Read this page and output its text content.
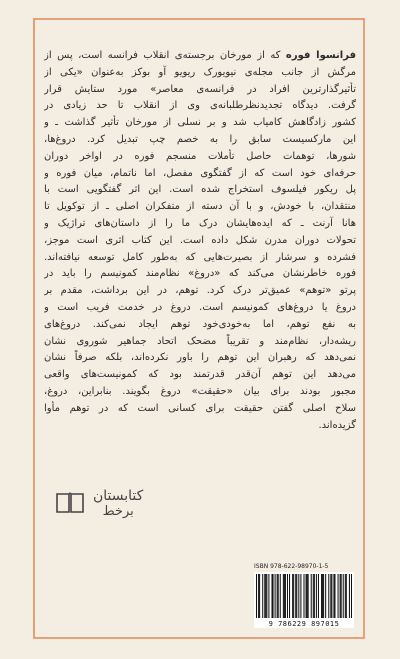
فرانسوا فوره که از مورخان برجسته‌ی انقلاب فرانسه است، پس از
مرگش از جانب مجله‌ی نیویورک ریویو آو بوکز به‌عنوان «یکی از
تأثیرگذارترین افراد در فرانسه‌ی معاصر» مورد ستایش قرار
گرفت. دیدگاه تجدیدنظرطلبانه‌ی وی از انقلاب تا حد زیادی در
کشور زادگاهش کامیاب شد و بر نسلی از مورخان تأثیر گذاشت ـ و
این مارکسیست سابق را به خصم چپ تبدیل کرد. دروغ‌ها،
شورها، توهمات حاصل تأملات منسجم فوره در اواخر دوران
حرفه‌ای خود است که از گفتگوی مفصل، اما ناتمام، میان فوره و
پل ریکور فیلسوف استخراج شده است. این اثر گفتگویی است با
منتقدان، با خودش، و با آن دسته از متفکران اصلی ـ از توکویل تا
هانا آرنت ـ که ایده‌هایشان درک ما را از داستان‌های تراژیک و
تحولات دوران مدرن شکل داده است. این کتاب اثری است موجز،
فشرده و سرشار از بصیرت‌هایی که به‌طور کامل توسعه نیافته‌اند.
فوره خاطرنشان می‌کند که «دروغ» نظام‌مند کمونیسم را باید در
پرتو «توهم» عمیق‌تر درک کرد. توهم، در این برداشت، مقدم بر
دروغ یا دروغ‌های کمونیسم است. دروغ در خدمت فریب است و
به نفع توهم، اما به‌خودی‌خود توهم ایجاد نمی‌کند. دروغ‌های
ریشه‌دار، نظام‌مند و تقریباً مضحک اتحاد جماهیر شوروی نشان
نمی‌دهد که رهبران این توهم را باور نکرده‌اند، بلکه صرفاً نشان
می‌دهد این توهم آن‌قدر قدرتمند بود که کمونیست‌های واقعی
مجبور بودند برای بیان «حقیقت» دروغ بگویند. بنابراین، دروغ،
سلاح اصلی گفتن حقیقت برای کسانی است که در توهم مأوا
گزیده‌اند.
کتابستان
برخط
ISBN 978-622-98970-1-5
9 786229 897015
